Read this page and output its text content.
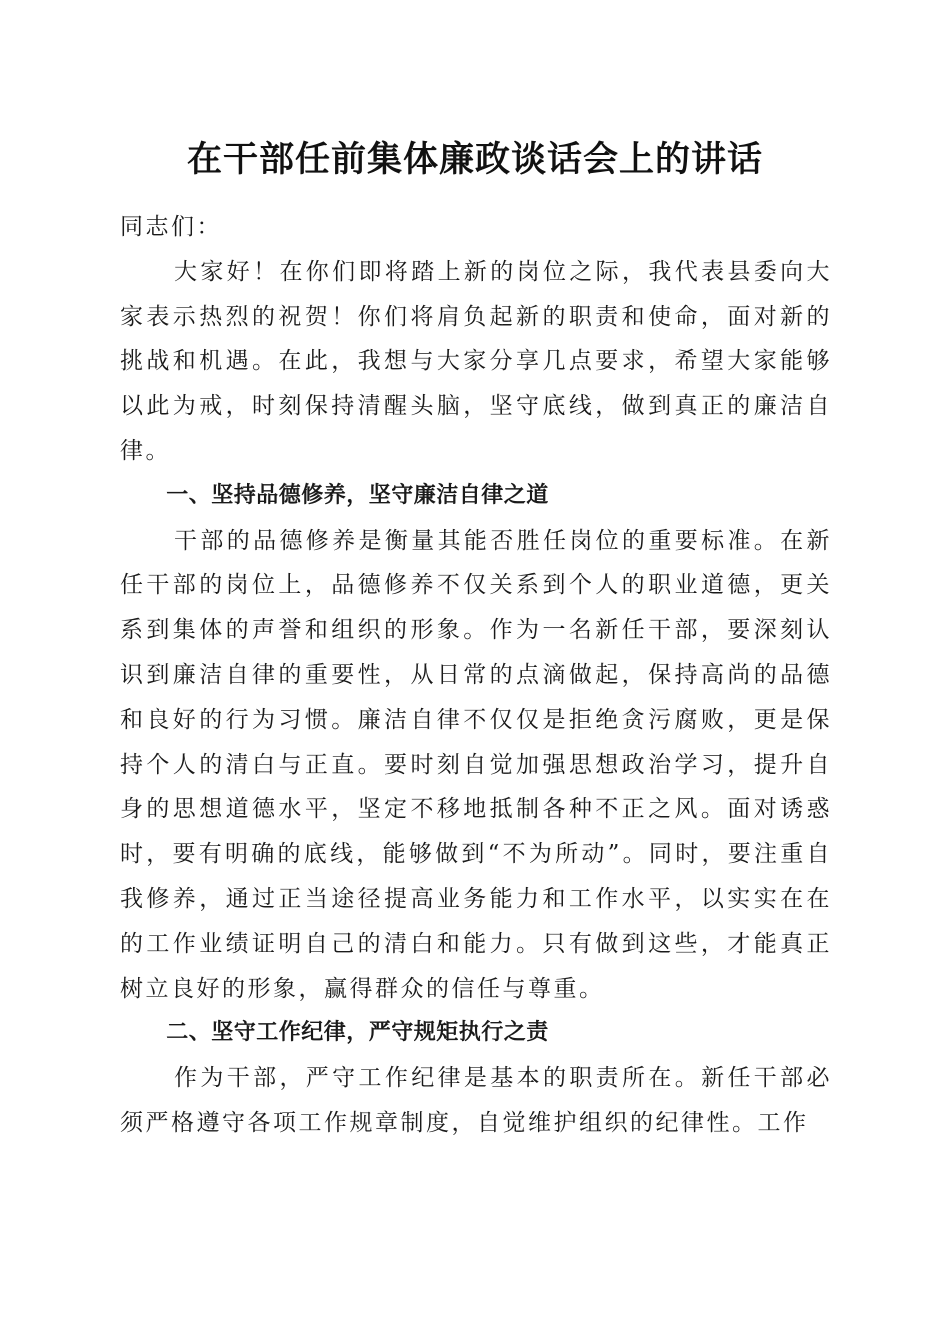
在干部任前集体廉政谈话会上的讲话

同志们：

大家好！在你们即将踏上新的岗位之际，我代表县委向大家表示热烈的祝贺！你们将肩负起新的职责和使命，面对新的挑战和机遇。在此，我想与大家分享几点要求，希望大家能够以此为戒，时刻保持清醒头脑，坚守底线，做到真正的廉洁自律。

一、坚持品德修养，坚守廉洁自律之道

干部的品德修养是衡量其能否胜任岗位的重要标准。在新任干部的岗位上，品德修养不仅关系到个人的职业道德，更关系到集体的声誉和组织的形象。作为一名新任干部，要深刻认识到廉洁自律的重要性，从日常的点滴做起，保持高尚的品德和良好的行为习惯。廉洁自律不仅仅是拒绝贪污腐败，更是保持个人的清白与正直。要时刻自觉加强思想政治学习，提升自身的思想道德水平，坚定不移地抵制各种不正之风。面对诱惑时，要有明确的底线，能够做到“不为所动”。同时，要注重自我修养，通过正当途径提高业务能力和工作水平，以实实在在的工作业绩证明自己的清白和能力。只有做到这些，才能真正树立良好的形象，赢得群众的信任与尊重。

二、坚守工作纪律，严守规矩执行之责

作为干部，严守工作纪律是基本的职责所在。新任干部必须严格遵守各项工作规章制度，自觉维护组织的纪律性。工作
